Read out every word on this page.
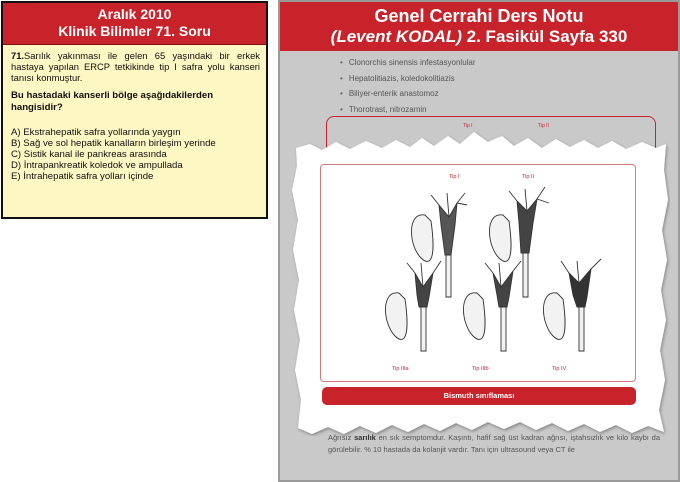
Aralık 2010
Klinik Bilimler 71. Soru

71.Sarılık yakınması ile gelen 65 yaşındaki bir erkek hastaya yapılan ERCP tetkikinde tip I safra yolu kanseri tanısı konmuştur.

Bu hastadaki kanserli bölge aşağıdakilerden hangisidir?

A) Ekstrahepatik safra yollarında yaygın
B) Sağ ve sol hepatik kanalların birleşim yerinde
C) Sistik kanal ile pankreas arasında
D) İntrapankreatik koledok ve ampullada
E) İntrahepatik safra yolları içinde
Genel Cerrahi Ders Notu
(Levent KODAL) 2. Fasikül Sayfa 330
• Clonorchis sinensis infestasyonlular
• Hepatolitiazis, koledokolitiazis
• Biliyer-enterik anastomoz
• Thorotrast, nitrozamin
Tip I	Tip II
Tip I	Tip II
Tip IIIa	Tip IIIb	Tip IV
Bismuth sınıflaması

Ağrısız sarılık en sık semptomdur. Kaşıntı, hafif sağ üst kadran ağrısı, iştahsızlık ve kilo kaybı da görülebilir. % 10 hastada da kolanjit vardır. Tanı için ultrasound veya CT ile
